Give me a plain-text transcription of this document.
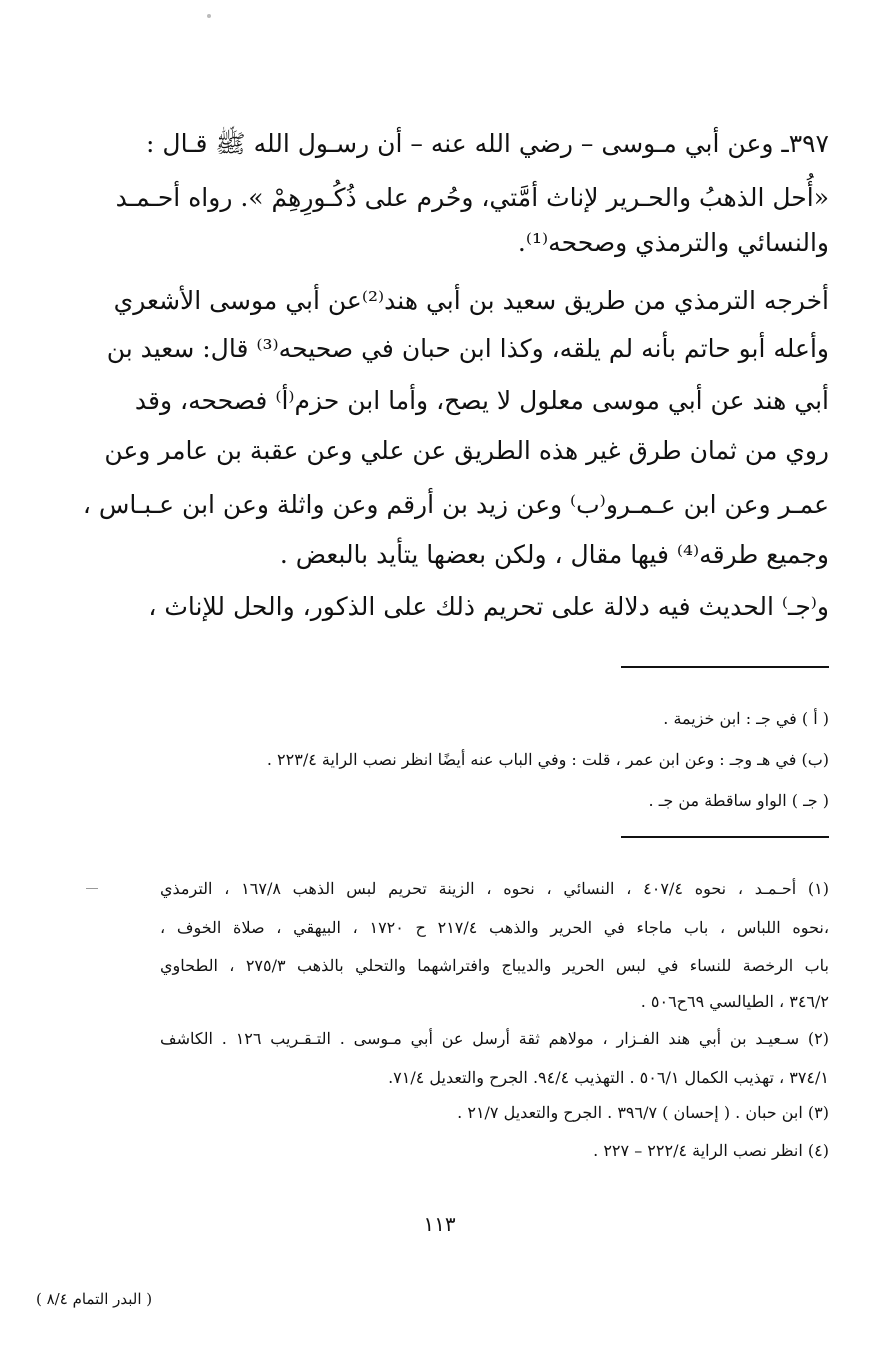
٣٩٧ـ وعن أبي مـوسى – رضي الله عنه – أن رسـول الله ﷺ قـال :
«أُحل الذهبُ والحـرير لإناث أمَّتي، وحُرم على ذُكُـورِهِمْ ». رواه أحـمـد
والنسائي والترمذي وصححه⁽¹⁾.
أخرجه الترمذي من طريق سعيد بن أبي هند⁽²⁾عن أبي موسى الأشعري
وأعله أبو حاتم بأنه لم يلقه، وكذا ابن حبان في صحيحه⁽³⁾ قال: سعيد بن
أبي هند عن أبي موسى معلول لا يصح، وأما ابن حزم⁽أ⁾ فصححه، وقد
روي من ثمان طرق غير هذه الطريق عن علي وعن عقبة بن عامر وعن
عمـر وعن ابن عـمـرو⁽ب⁾ وعن زيد بن أرقم وعن واثلة وعن ابن عـبـاس ،
وجميع طرقه⁽⁴⁾ فيها مقال ، ولكن بعضها يتأيد بالبعض .
و⁽جـ⁾ الحديث فيه دلالة على تحريم ذلك على الذكور، والحل للإناث ،
( أ ) في جـ : ابن خزيمة .
(ب) في هـ وجـ : وعن ابن عمر ، قلت : وفي الباب عنه أيضًا انظر نصب الراية ٢٢٣/٤ .
( جـ ) الواو ساقطة من جـ .
(١) أحـمـد ، نحوه ٤٠٧/٤ ، النسائي ، نحوه ، الزينة تحريم لبس الذهب ١٦٧/٨ ، الترمذي
،نحوه اللباس ، باب ماجاء في الحرير والذهب ٢١٧/٤ ح ١٧٢٠ ، البيهقي ، صلاة الخوف ،
باب الرخصة للنساء في لبس الحرير والديباج وافتراشهما والتحلي بالذهب ٢٧٥/٣ ، الطحاوي
٣٤٦/٢ ، الطيالسي ٦٩ح٥٠٦ .
(٢) سـعيـد بن أبي هند الفـزار ، مولاهم ثقة أرسل عن أبي مـوسى . التـقـريب ١٢٦ . الكاشف
٣٧٤/١ ، تهذيب الكمال ٥٠٦/١ . التهذيب ٩٤/٤. الجرح والتعديل ٧١/٤.
(٣) ابن حبان . ( إحسان ) ٣٩٦/٧ . الجرح والتعديل ٢١/٧ .
(٤) انظر نصب الراية ٢٢٢/٤ – ٢٢٧ .
١١٣
( البدر التمام ٨/٤ )
